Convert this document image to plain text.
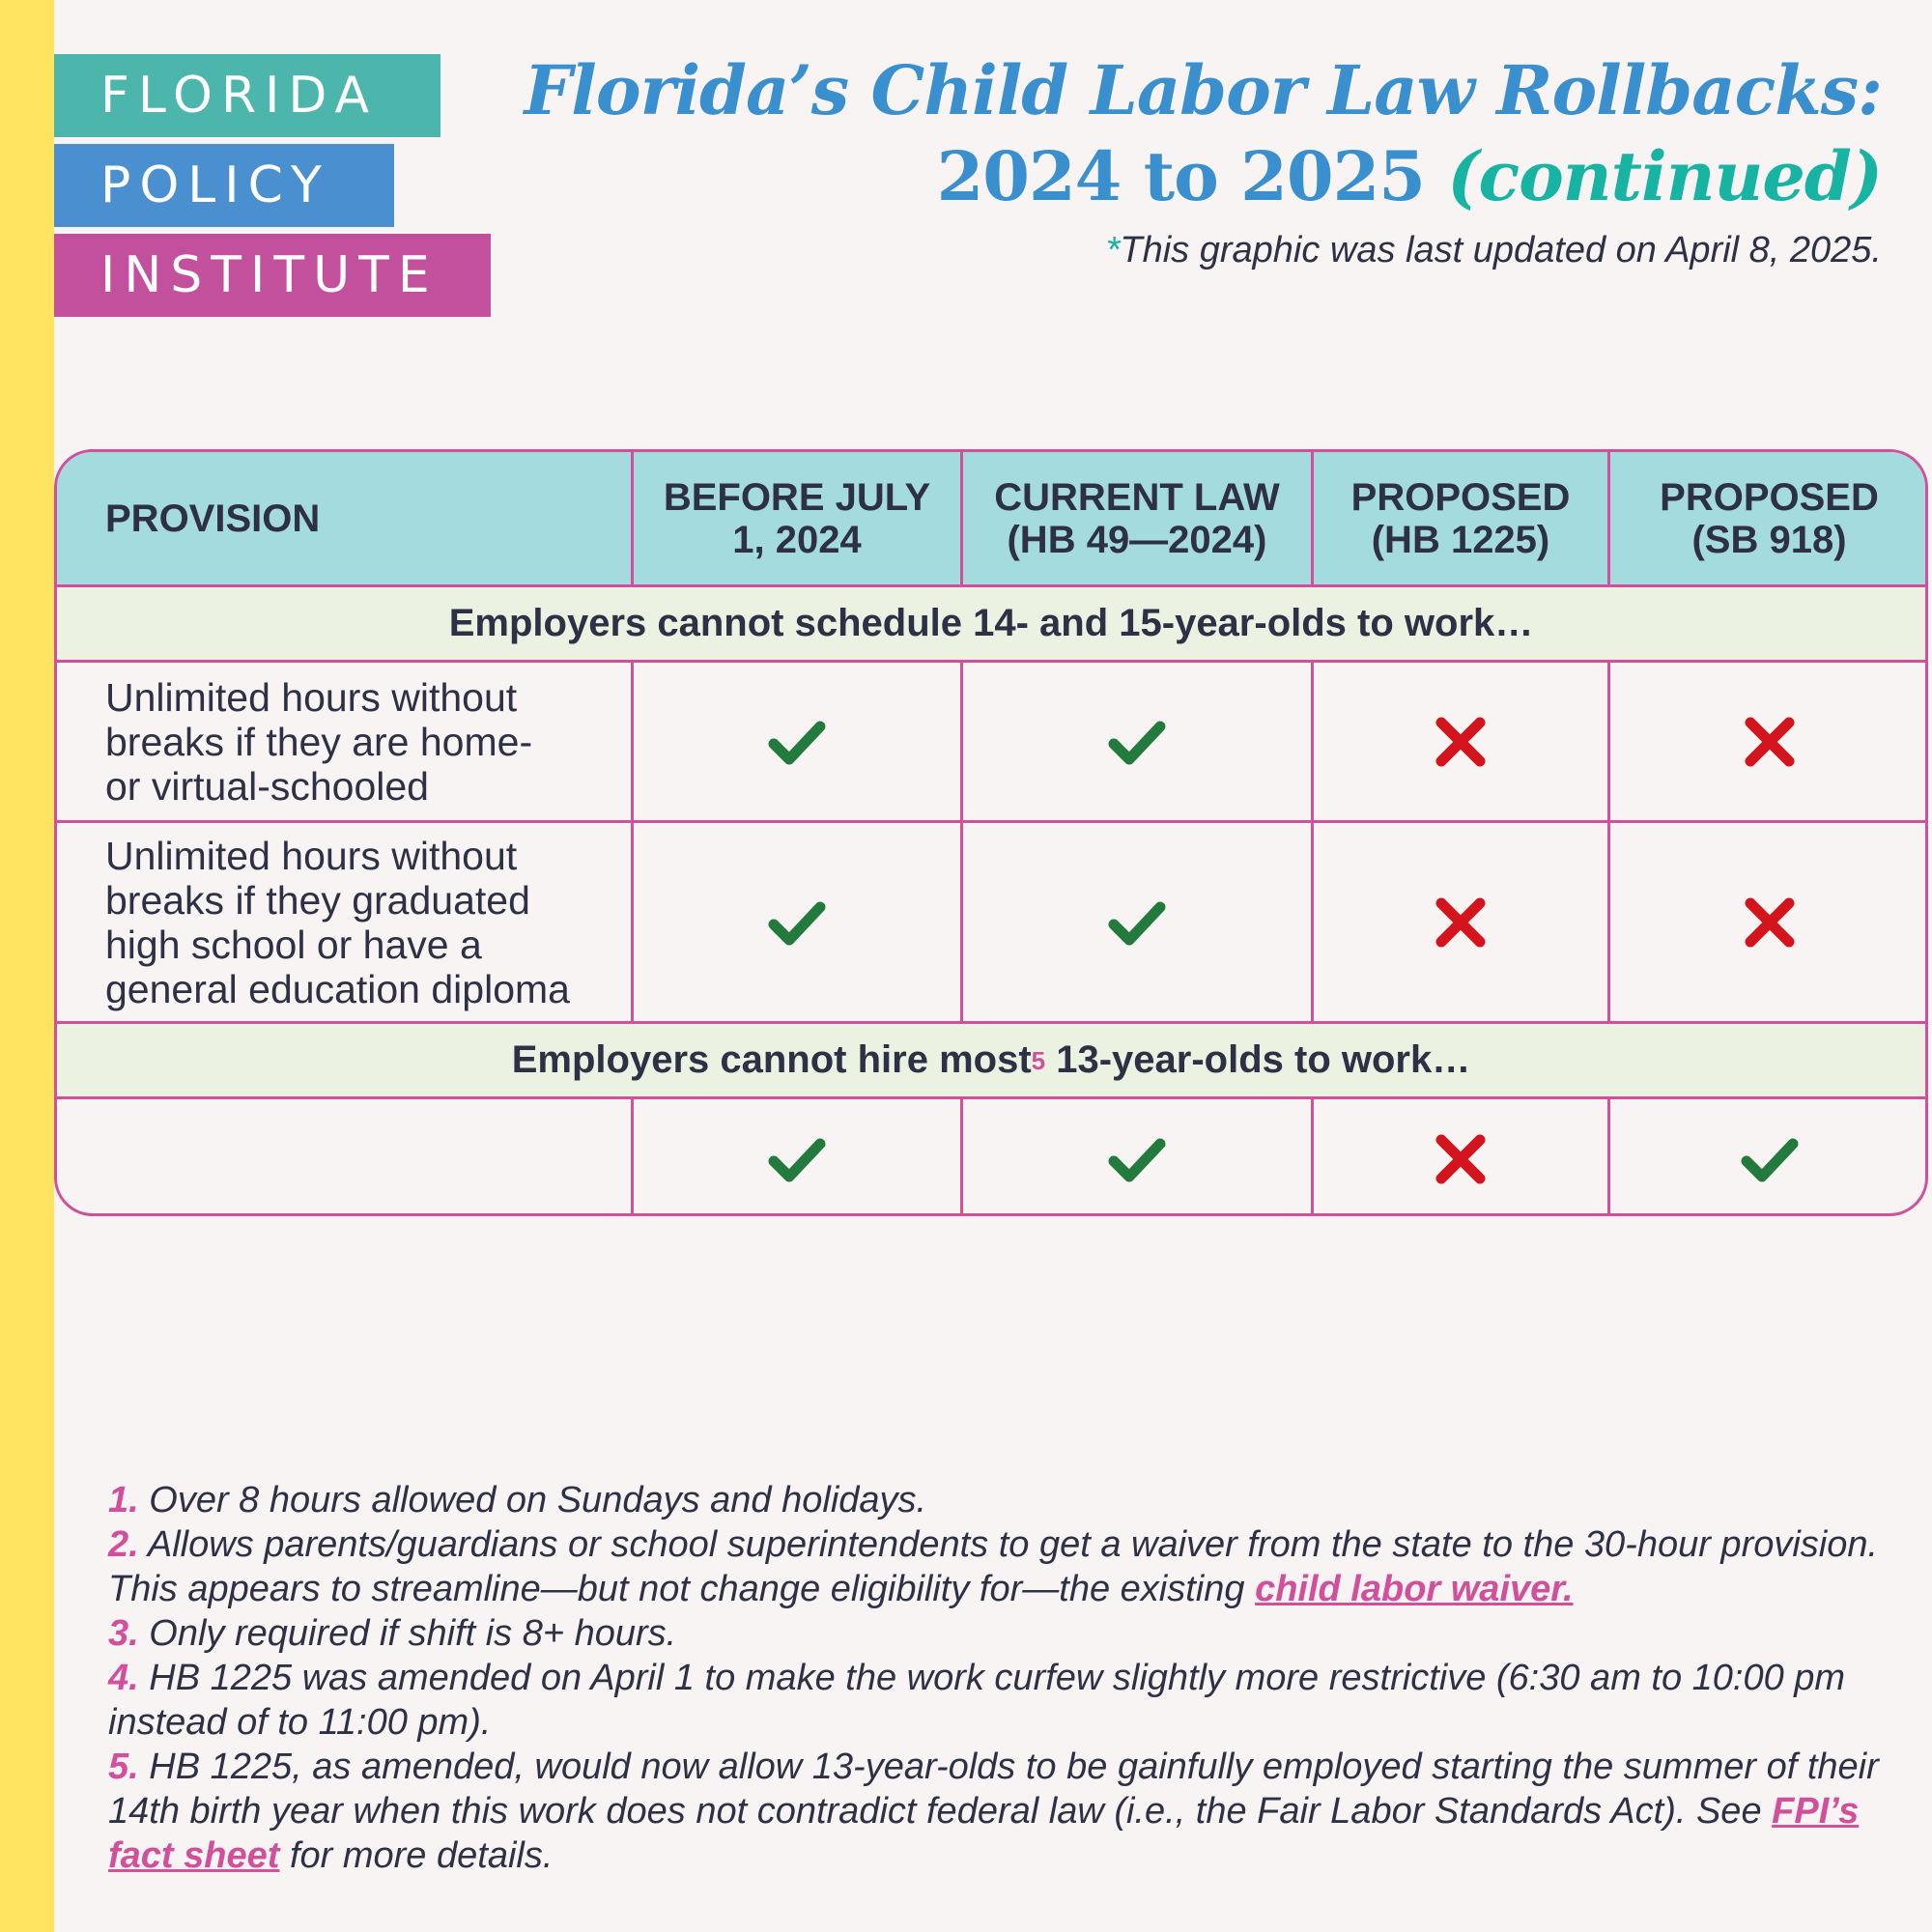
FLORIDA
POLICY
INSTITUTE
Florida’s Child Labor Law Rollbacks:
2024 to 2025 (continued)
*This graphic was last updated on April 8, 2025.
PROVISION	BEFORE JULY
1, 2024
CURRENT LAW
(HB 49—2024)
PROPOSED
(HB 1225)
PROPOSED
(SB 918)
Employers cannot schedule 14- and 15-year-olds to work…
Unlimited hours without
breaks if they are home-
or virtual-schooled
Unlimited hours without
breaks if they graduated
high school or have a
general education diploma
Employers cannot hire most 5 13-year-olds to work…
1. Over 8 hours allowed on Sundays and holidays.
2. Allows parents/guardians or school superintendents to get a waiver from the state to the 30-hour provision. This appears to streamline—but not change eligibility for—the existing child labor waiver.
3. Only required if shift is 8+ hours.
4. HB 1225 was amended on April 1 to make the work curfew slightly more restrictive (6:30 am to 10:00 pm instead of to 11:00 pm).
5. HB 1225, as amended, would now allow 13-year-olds to be gainfully employed starting the summer of their 14th birth year when this work does not contradict federal law (i.e., the Fair Labor Standards Act). See FPI’s fact sheet for more details.
